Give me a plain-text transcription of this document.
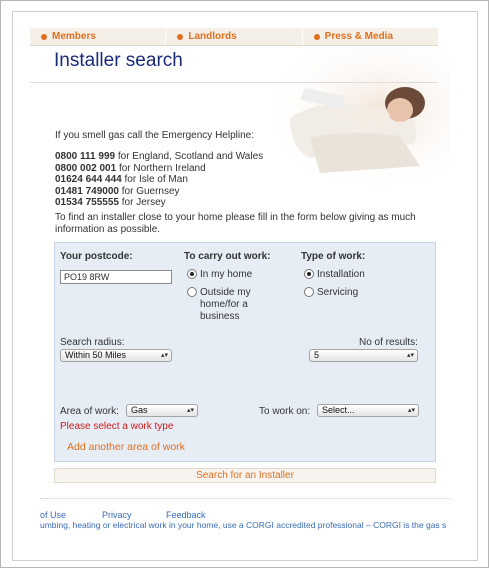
Members	Landlords	Press & Media
Installer search
If you smell gas call the Emergency Helpline:
0800 111 999 for England, Scotland and Wales
0800 002 001 for Northern Ireland
01624 644 444 for Isle of Man
01481 749000 for Guernsey
01534 755555 for Jersey
To find an installer close to your home please fill in the form below giving as much information as possible.
Your postcode:
PO19 8RW
To carry out work:
In my home
Outside my home/for a business
Type of work:
Installation
Servicing
Search radius:
Within 50 Miles	▴▾
No of results:
5	▴▾
Area of work:	Gas	▴▾	To work on:	Select...	▴▾
Please select a work type
Add another area of work
Search for an Installer
of Use	Privacy	Feedback
umbing, heating or electrical work in your home, use a CORGI accredited professional – CORGI is the gas s
